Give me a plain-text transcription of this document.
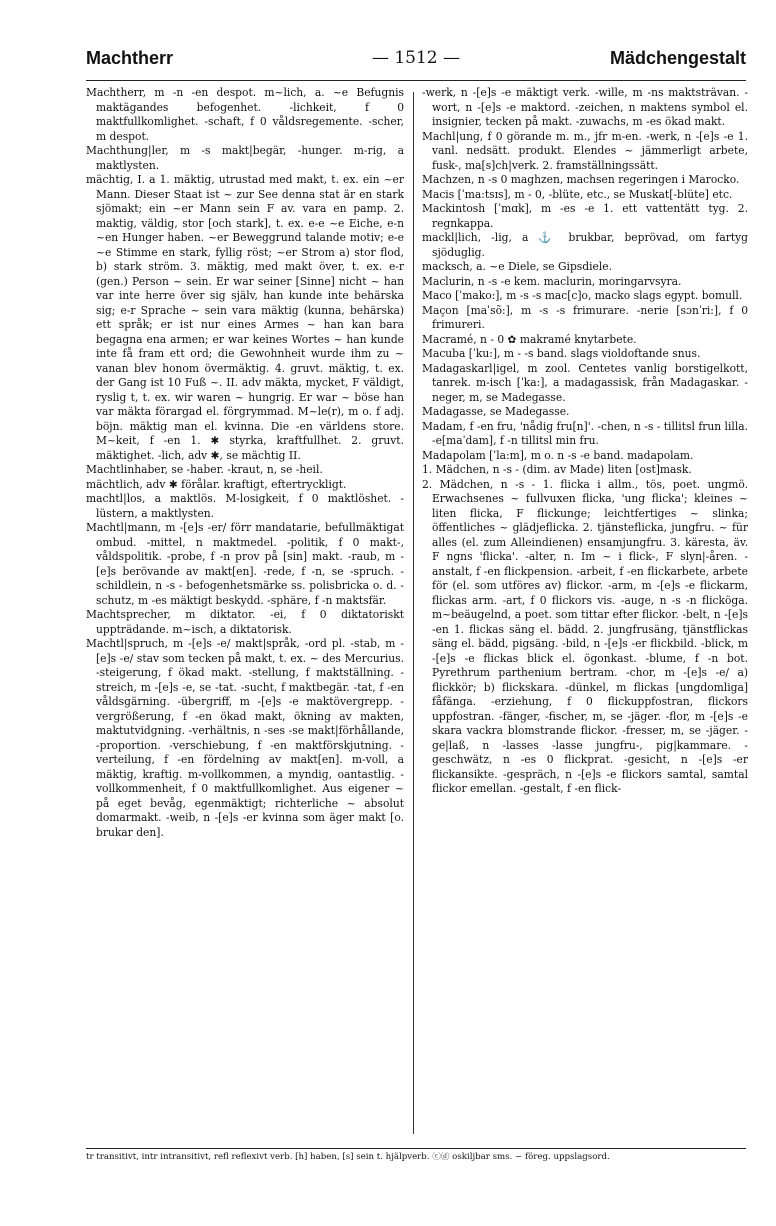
Machtherr	— 1512 —	Mädchengestalt

Machtherr, m -n -en despot. m~lich, a. ~e Befugnis maktägandes befogenhet. -lichkeit, f 0 maktfullkomlighet. -schaft, f 0 våldsregemente. -scher, m despot.

Machthung|ler, m -s makt|begär, -hunger. m-rig, a maktlysten.

mächtig, I. a 1. mäktig, utrustad med makt, t. ex. ein ~er Mann. Dieser Staat ist ~ zur See denna stat är en stark sjömakt; ein ~er Mann sein F av. vara en pamp. 2. maktig, väldig, stor [och stark], t. ex. e-e ~e Eiche, e-n ~en Hunger haben. ~er Beweggrund talande motiv; e-e ~e Stimme en stark, fyllig röst; ~er Strom a) stor flod, b) stark ström. 3. mäktig, med makt över, t. ex. e-r (gen.) Person ~ sein. Er war seiner [Sinne] nicht ~ han var inte herre över sig själv, han kunde inte behärska sig; e-r Sprache ~ sein vara mäktig (kunna, behärska) ett språk; er ist nur eines Armes ~ han kan bara begagna ena armen; er war keines Wortes ~ han kunde inte få fram ett ord; die Gewohnheit wurde ihm zu ~ vanan blev honom övermäktig. 4. gruvt. mäktig, t. ex. der Gang ist 10 Fuß ~. II. adv mäkta, mycket, F väldigt, ryslig t, t. ex. wir waren ~ hungrig. Er war ~ böse han var mäkta förargad el. förgrymmad. M~le(r), m o. f adj. böjn. mäktig man el. kvinna. Die -en världens store. M~keit, f -en 1. ✱ styrka, kraftfullhet. 2. gruvt. mäktighet. -lich, adv ✱, se mächtig II.

Machtlinhaber, se -haber. -kraut, n, se -heil.

mächtlich, adv ✱ förålar. kraftigt, eftertryckligt.

machtl|los, a maktlös. M-losigkeit, f 0 maktlöshet. -lüstern, a maktlysten.

Machtl|mann, m -[e]s -er/ förr mandatarie, befullmäktigat ombud. -mittel, n maktmedel. -politik, f 0 makt-, våldspolitik. -probe, f -n prov på [sin] makt. -raub, m -[e]s berövande av makt[en]. -rede, f -n, se -spruch. -schildlein, n -s - befogenhetsmärke ss. polisbricka o. d. -schutz, m -es mäktigt beskydd. -sphäre, f -n maktsfär.

Machtsprecher, m diktator. -ei, f 0 diktatoriskt uppträdande. m~isch, a diktatorisk.

Machtl|spruch, m -[e]s -e/ makt|språk, -ord pl. -stab, m -[e]s -e/ stav som tecken på makt, t. ex. ~ des Mercurius. -steigerung, f ökad makt. -stellung, f maktställning. -streich, m -[e]s -e, se -tat. -sucht, f maktbegär. -tat, f -en våldsgärning. -übergriff, m -[e]s -e maktövergrepp. -vergrößerung, f -en ökad makt, ökning av makten, maktutvidgning. -verhältnis, n -ses -se makt|förhållande, -proportion. -verschiebung, f -en maktförskjutning. -verteilung, f -en fördelning av makt[en]. m-voll, a mäktig, kraftig. m-vollkommen, a myndig, oantastlig. -vollkommenheit, f 0 maktfullkomlighet. Aus eigener ~ på eget bevåg, egenmäktigt; richterliche ~ absolut domarmakt. -weib, n -[e]s -er kvinna som äger makt [o. brukar den].

-werk, n -[e]s -e mäktigt verk. -wille, m -ns maktsträvan. -wort, n -[e]s -e maktord. -zeichen, n maktens symbol el. insignier, tecken på makt. -zuwachs, m -es ökad makt.

Machl|ung, f 0 görande m. m., jfr m-en. -werk, n -[e]s -e 1. vanl. nedsätt. produkt. Elendes ~ jämmerligt arbete, fusk-, ma[s]ch|verk. 2. framställningssätt.

Machzen, n -s 0 maghzen, machsen regeringen i Marocko.

Macis [ˈma:tsɪs], m - 0, -blüte, etc., se Muskat[-blüte] etc.

Mackintosh [ˈmɑk], m -es -e 1. ett vattentätt tyg. 2. regnkappa.

mackl|lich, -lig, a ⚓ brukbar, beprövad, om fartyg sjöduglig.

macksch, a. ~e Diele, se Gipsdiele.

Maclurin, n -s -e kem. maclurin, moringarvsyra.

Maco [ˈmako:], m -s -s mac[c]o, macko slags egypt. bomull.

Maçon [maˈsõ:], m -s -s frimurare. -nerie [sɔnˈri:], f 0 frimureri.

Macramé, n - 0 ✿ makramé knytarbete.

Macuba [ˈku:], m - -s band. slags violdoftande snus.

Madagaskarl|igel, m zool. Centetes vanlig borstigelkott, tanrek. m-isch [ˈka:], a madagassisk, från Madagaskar. -neger, m, se Madegasse.

Madagasse, se Madegasse.

Madam, f -en fru, 'nådig fru[n]'. -chen, n -s - tillitsl frun lilla. -e[maˈdam], f -n tillitsl min fru.

Madapolam [ˈla:m], m o. n -s -e band. madapolam.

1. Mädchen, n -s - (dim. av Made) liten [ost]mask.

2. Mädchen, n -s - 1. flicka i allm., tös, poet. ungmö. Erwachsenes ~ fullvuxen flicka, 'ung flicka'; kleines ~ liten flicka, F flickunge; leichtfertiges ~ slinka; öffentliches ~ glädjeflicka. 2. tjänsteflicka, jungfru. ~ für alles (el. zum Alleindienen) ensamjungfru. 3. käresta, äv. F ngns 'flicka'. -alter, n. Im ~ i flick-, F slyn|-åren. -anstalt, f -en flickpension. -arbeit, f -en flickarbete, arbete för (el. som utföres av) flickor. -arm, m -[e]s -e flickarm, flickas arm. -art, f 0 flickors vis. -auge, n -s -n flicköga. m~beäugelnd, a poet. som tittar efter flickor. -belt, n -[e]s -en 1. flickas säng el. bädd. 2. jungfrusäng, tjänstflickas säng el. bädd, pigsäng. -bild, n -[e]s -er flickbild. -blick, m -[e]s -e flickas blick el. ögonkast. -blume, f -n bot. Pyrethrum parthenium bertram. -chor, m -[e]s -e/ a) flickkör; b) flickskara. -dünkel, m flickas [ungdomliga] fåfänga. -erziehung, f 0 flickuppfostran, flickors uppfostran. -fänger, -fischer, m, se -jäger. -flor, m -[e]s -e skara vackra blomstrande flickor. -fresser, m, se -jäger. -ge|laß, n -lasses -lasse jungfru-, pig|kammare. -geschwätz, n -es 0 flickprat. -gesicht, n -[e]s -er flickansikte. -gespräch, n -[e]s -e flickors samtal, samtal flickor emellan. -gestalt, f -en flick-

tr transitivt, intr intransitivt, refl reflexivt verb. [h] haben, [s] sein t. hjälpverb. ⓒⓓ oskiljbar sms. ~ föreg. uppslagsord.
